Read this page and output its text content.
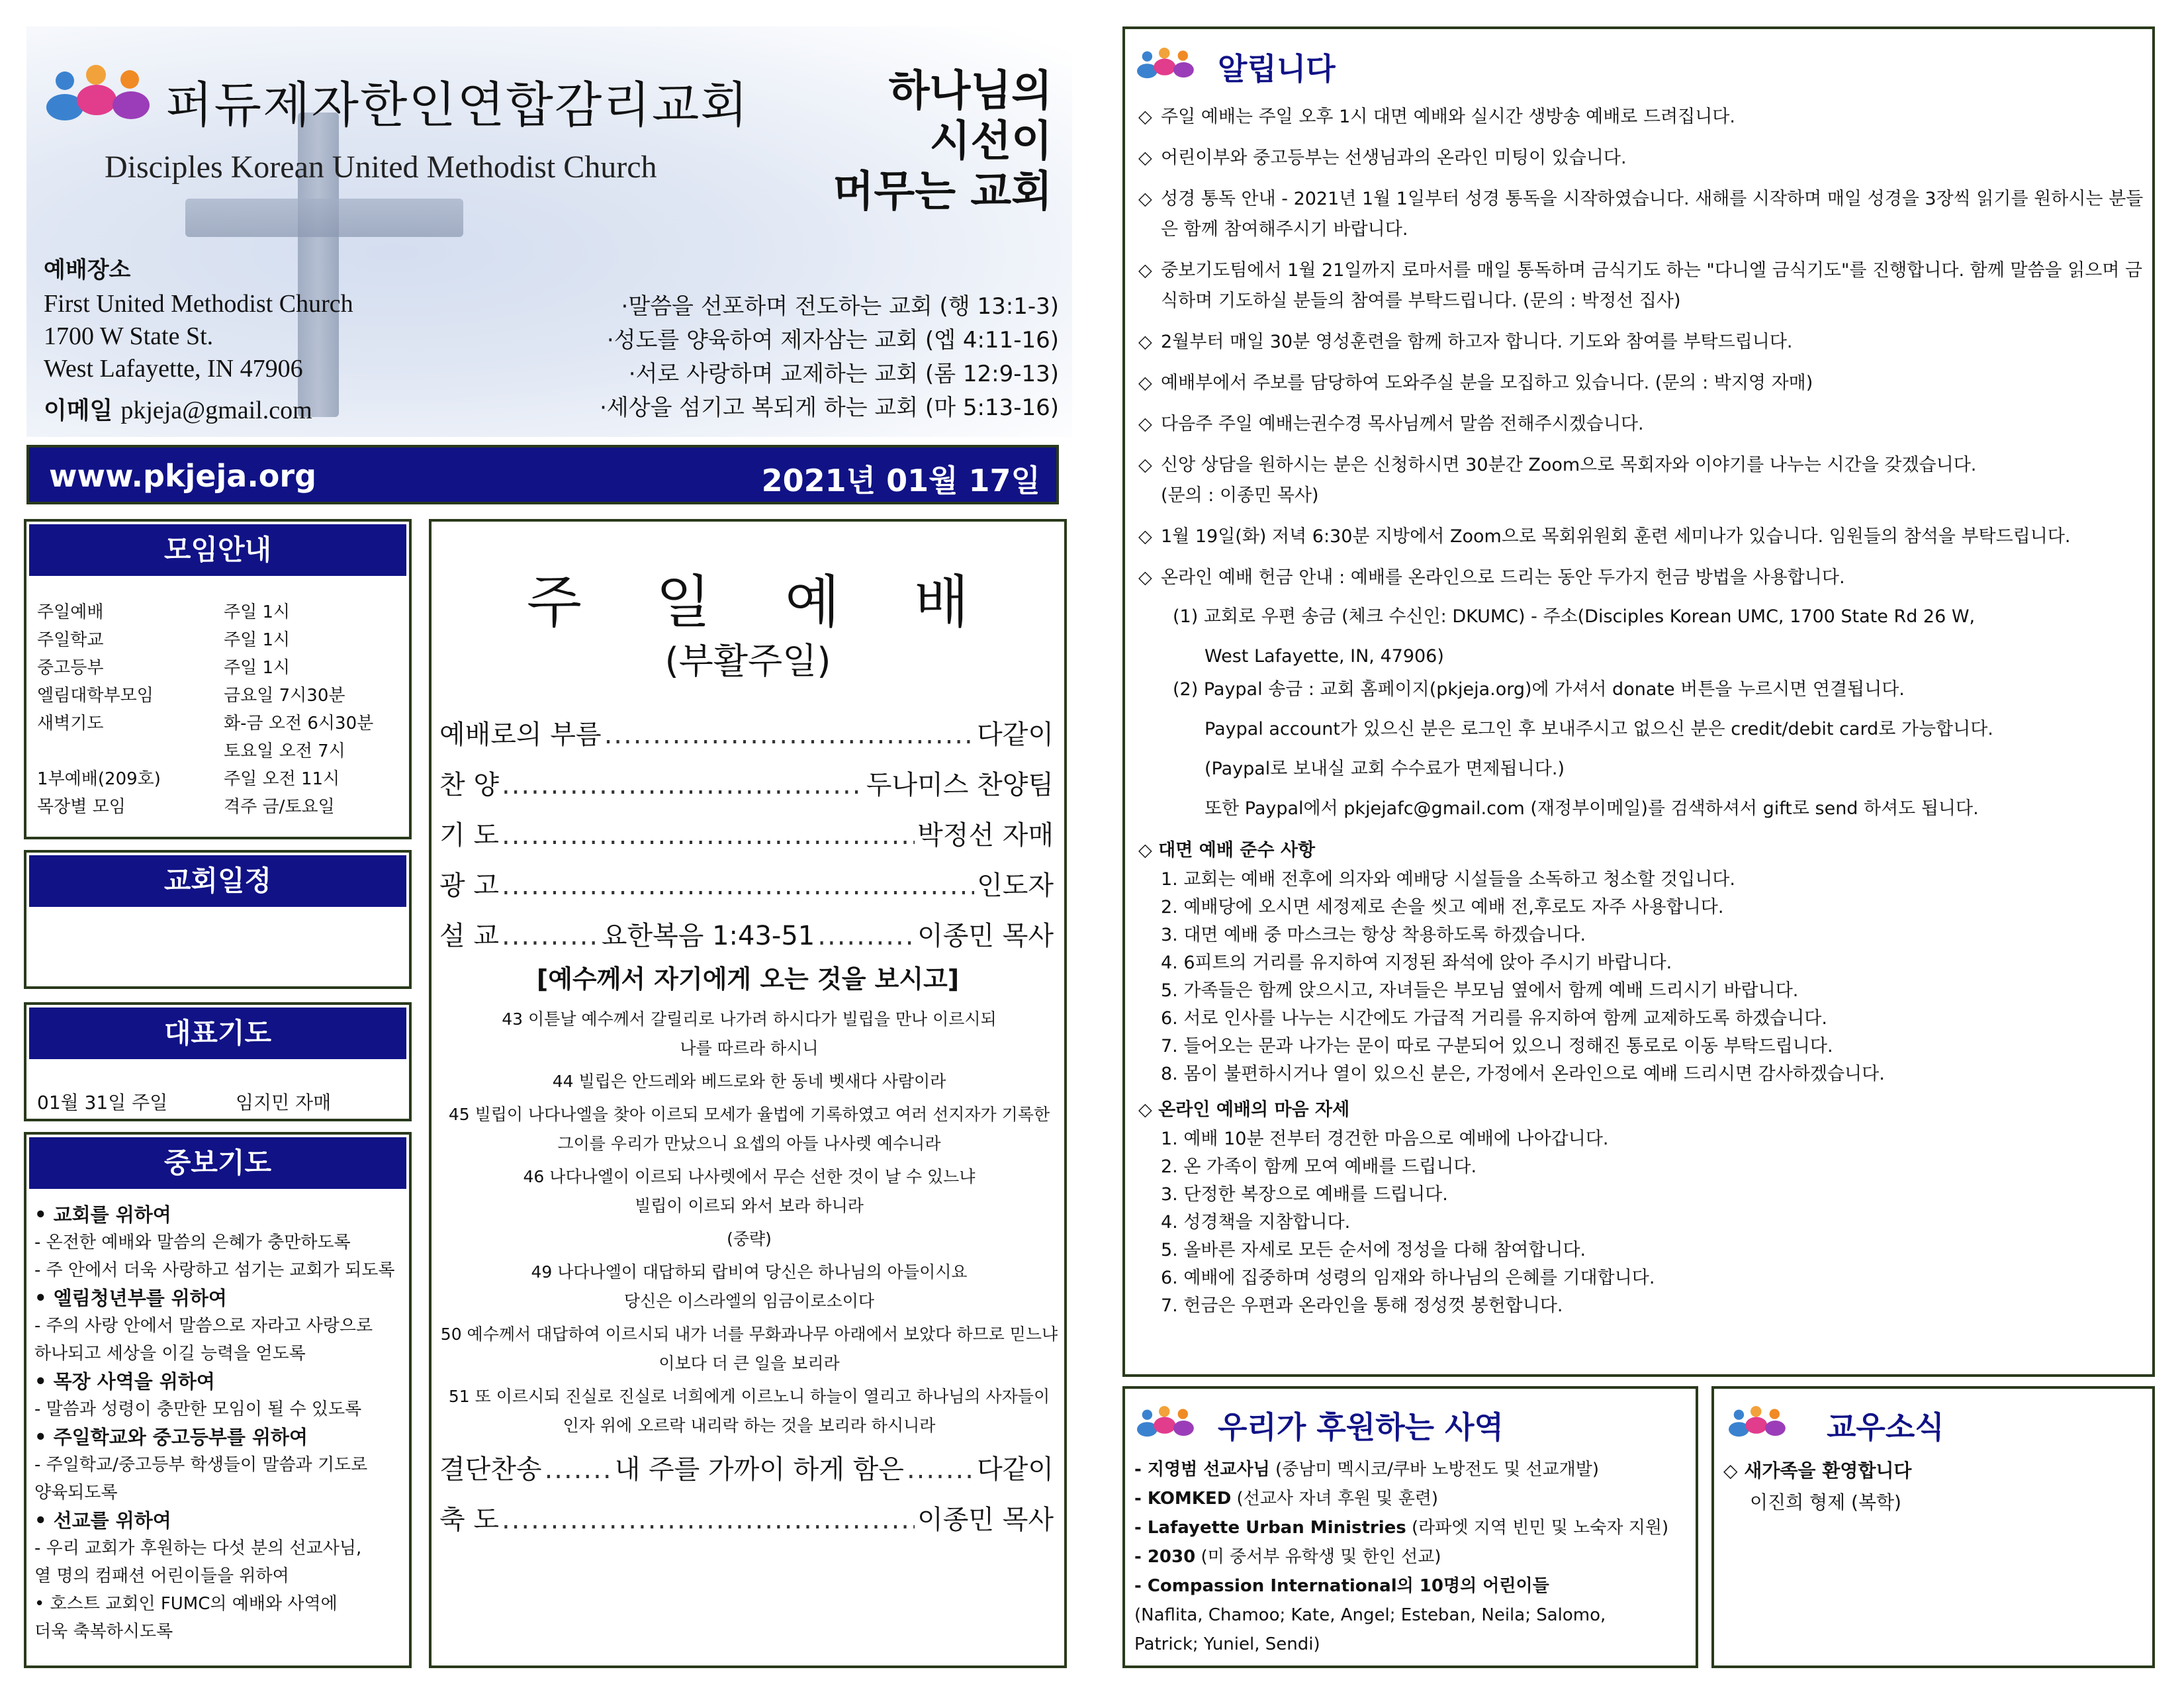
퍼듀제자한인연합감리교회
Disciples Korean United Methodist Church
하나님의
시선이
머무는 교회
예배장소
First United Methodist Church
1700 W State St.
West Lafayette, IN 47906
이메일 pkjeja@gmail.com
·말씀을 선포하며 전도하는 교회 (행 13:1-3)
·성도를 양육하여 제자삼는 교회 (엡 4:11-16)
·서로 사랑하며 교제하는 교회 (롬 12:9-13)
·세상을 섬기고 복되게 하는 교회 (마 5:13-16)
www.pkjeja.org	2021년 01월 17일
모임안내
주일예배	주일 1시
주일학교	주일 1시
중고등부	주일 1시
엘림대학부모임	금요일 7시30분
새벽기도	화-금 오전 6시30분
토요일 오전 7시
1부예배(209호)	주일 오전 11시
목장별 모임	격주 금/토요일
교회일정
대표기도
01월 31일 주일	임지민 자매
중보기도
• 교회를 위하여
- 온전한 예배와 말씀의 은혜가 충만하도록
- 주 안에서 더욱 사랑하고 섬기는 교회가 되도록
• 엘림청년부를 위하여
- 주의 사랑 안에서 말씀으로 자라고 사랑으로
하나되고 세상을 이길 능력을 얻도록
• 목장 사역을 위하여
- 말씀과 성령이 충만한 모임이 될 수 있도록
• 주일학교와 중고등부를 위하여
- 주일학교/중고등부 학생들이 말씀과 기도로
양육되도록
• 선교를 위하여
- 우리 교회가 후원하는 다섯 분의 선교사님,
열 명의 컴패션 어린이들을 위하여
• 호스트 교회인 FUMC의 예배와 사역에
더욱 축복하시도록
주일예배
(부활주일)
예배로의 부름 .....	다같이
찬 양 .....	두나미스 찬양팀
기 도 .....	박정선 자매
광 고 .....	인도자
설 교 .....	요한복음 1:43-51 .....	이종민 목사
[예수께서 자기에게 오는 것을 보시고]

43 이튿날 예수께서 갈릴리로 나가려 하시다가 빌립을 만나 이르시되
나를 따르라 하시니

44 빌립은 안드레와 베드로와 한 동네 벳새다 사람이라

45 빌립이 나다나엘을 찾아 이르되 모세가 율법에 기록하였고 여러 선지자가 기록한
그이를 우리가 만났으니 요셉의 아들 나사렛 예수니라

46 나다나엘이 이르되 나사렛에서 무슨 선한 것이 날 수 있느냐
빌립이 이르되 와서 보라 하니라

(중략)

49 나다나엘이 대답하되 랍비여 당신은 하나님의 아들이시요
당신은 이스라엘의 임금이로소이다

50 예수께서 대답하여 이르시되 내가 너를 무화과나무 아래에서 보았다 하므로 믿느냐
이보다 더 큰 일을 보리라

51 또 이르시되 진실로 진실로 너희에게 이르노니 하늘이 열리고 하나님의 사자들이
인자 위에 오르락 내리락 하는 것을 보리라 하시니라

결단찬송 .....	내 주를 가까이 하게 함은 .....	다같이
축 도 .....	이종민 목사
알립니다
◇ 주일 예배는 주일 오후 1시 대면 예배와 실시간 생방송 예배로 드려집니다.
◇ 어린이부와 중고등부는 선생님과의 온라인 미팅이 있습니다.
◇ 성경 통독 안내 - 2021년 1월 1일부터 성경 통독을 시작하였습니다. 새해를 시작하며 매일 성경을 3장씩 읽기를 원하시는 분들은 함께 참여해주시기 바랍니다.
◇ 중보기도팀에서 1월 21일까지 로마서를 매일 통독하며 금식기도 하는 "다니엘 금식기도"를 진행합니다. 함께 말씀을 읽으며 금식하며 기도하실 분들의 참여를 부탁드립니다. (문의 : 박정선 집사)
◇ 2월부터 매일 30분 영성훈련을 함께 하고자 합니다. 기도와 참여를 부탁드립니다.
◇ 예배부에서 주보를 담당하여 도와주실 분을 모집하고 있습니다. (문의 : 박지영 자매)
◇ 다음주 주일 예배는권수경 목사님께서 말씀 전해주시겠습니다.
◇ 신앙 상담을 원하시는 분은 신청하시면 30분간 Zoom으로 목회자와 이야기를 나누는 시간을 갖겠습니다.
(문의 : 이종민 목사)
◇ 1월 19일(화) 저녁 6:30분 지방에서 Zoom으로 목회위원회 훈련 세미나가 있습니다. 임원들의 참석을 부탁드립니다.
◇ 온라인 예배 헌금 안내 : 예배를 온라인으로 드리는 동안 두가지 헌금 방법을 사용합니다.
(1) 교회로 우편 송금 (체크 수신인: DKUMC) - 주소(Disciples Korean UMC, 1700 State Rd 26 W,
West Lafayette, IN, 47906)
(2) Paypal 송금 : 교회 홈페이지(pkjeja.org)에 가셔서 donate 버튼을 누르시면 연결됩니다.
Paypal account가 있으신 분은 로그인 후 보내주시고 없으신 분은 credit/debit card로 가능합니다.
(Paypal로 보내실 교회 수수료가 면제됩니다.)
또한 Paypal에서 pkjejafc@gmail.com (재정부이메일)를 검색하셔서 gift로 send 하셔도 됩니다.
◇ 대면 예배 준수 사항
1. 교회는 예배 전후에 의자와 예배당 시설들을 소독하고 청소할 것입니다.
2. 예배당에 오시면 세정제로 손을 씻고 예배 전,후로도 자주 사용합니다.
3. 대면 예배 중 마스크는 항상 착용하도록 하겠습니다.
4. 6피트의 거리를 유지하여 지정된 좌석에 앉아 주시기 바랍니다.
5. 가족들은 함께 앉으시고, 자녀들은 부모님 옆에서 함께 예배 드리시기 바랍니다.
6. 서로 인사를 나누는 시간에도 가급적 거리를 유지하여 함께 교제하도록 하겠습니다.
7. 들어오는 문과 나가는 문이 따로 구분되어 있으니 정해진 통로로 이동 부탁드립니다.
8. 몸이 불편하시거나 열이 있으신 분은, 가정에서 온라인으로 예배 드리시면 감사하겠습니다.
◇ 온라인 예배의 마음 자세
1. 예배 10분 전부터 경건한 마음으로 예배에 나아갑니다.
2. 온 가족이 함께 모여 예배를 드립니다.
3. 단정한 복장으로 예배를 드립니다.
4. 성경책을 지참합니다.
5. 올바른 자세로 모든 순서에 정성을 다해 참여합니다.
6. 예배에 집중하며 성령의 임재와 하나님의 은혜를 기대합니다.
7. 헌금은 우편과 온라인을 통해 정성껏 봉헌합니다.
우리가 후원하는 사역
- 지영범 선교사님 (중남미 멕시코/쿠바 노방전도 및 선교개발)
- KOMKED (선교사 자녀 후원 및 훈련)
- Lafayette Urban Ministries (라파엣 지역 빈민 및 노숙자 지원)
- 2030 (미 중서부 유학생 및 한인 선교)
- Compassion International의 10명의 어린이들
(Naflita, Chamoo; Kate, Angel; Esteban, Neila; Salomo,
Patrick; Yuniel, Sendi)
교우소식
◇ 새가족을 환영합니다
이진희 형제 (복학)
